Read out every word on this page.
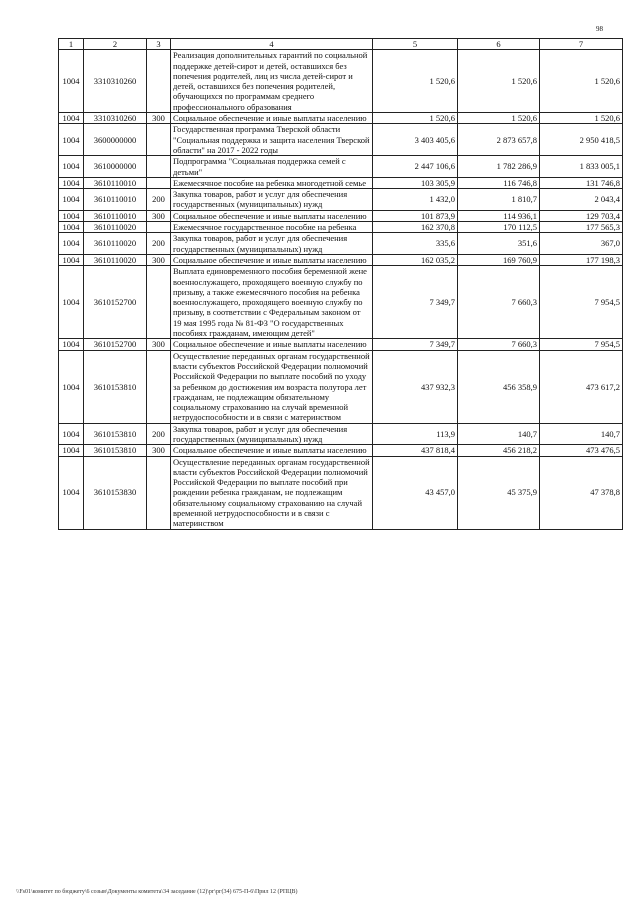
98
1	2	3	4	5	6	7
1004	3310310260		Реализация дополнительных гарантий по социальной поддержке детей-сирот и детей, оставшихся без попечения родителей, лиц из числа детей-сирот и детей, оставшихся без попечения родителей, обучающихся по программам среднего профессионального образования	1 520,6	1 520,6	1 520,6
1004	3310310260	300	Социальное обеспечение и иные выплаты населению	1 520,6	1 520,6	1 520,6
1004	3600000000		Государственная программа Тверской области "Социальная поддержка и защита населения Тверской области" на 2017 - 2022 годы	3 403 405,6	2 873 657,8	2 950 418,5
1004	3610000000		Подпрограмма "Социальная поддержка семей с детьми"	2 447 106,6	1 782 286,9	1 833 005,1
1004	3610110010		Ежемесячное пособие на ребенка многодетной семье	103 305,9	116 746,8	131 746,8
1004	3610110010	200	Закупка товаров, работ и услуг для обеспечения государственных (муниципальных) нужд	1 432,0	1 810,7	2 043,4
1004	3610110010	300	Социальное обеспечение и иные выплаты населению	101 873,9	114 936,1	129 703,4
1004	3610110020		Ежемесячное государственное пособие на ребенка	162 370,8	170 112,5	177 565,3
1004	3610110020	200	Закупка товаров, работ и услуг для обеспечения государственных (муниципальных) нужд	335,6	351,6	367,0
1004	3610110020	300	Социальное обеспечение и иные выплаты населению	162 035,2	169 760,9	177 198,3
1004	3610152700		Выплата единовременного пособия беременной жене военнослужащего, проходящего военную службу по призыву, а также ежемесячного пособия на ребенка военнослужащего, проходящего военную службу по призыву, в соответствии с Федеральным законом от 19 мая 1995 года № 81-ФЗ "О государственных пособиях гражданам, имеющим детей"	7 349,7	7 660,3	7 954,5
1004	3610152700	300	Социальное обеспечение и иные выплаты населению	7 349,7	7 660,3	7 954,5
1004	3610153810		Осуществление переданных органам государственной власти субъектов Российской Федерации полномочий Российской Федерации по выплате пособий по уходу за ребенком до достижения им возраста полутора лет гражданам, не подлежащим обязательному социальному страхованию на случай временной нетрудоспособности и в связи с материнством	437 932,3	456 358,9	473 617,2
1004	3610153810	200	Закупка товаров, работ и услуг для обеспечения государственных (муниципальных) нужд	113,9	140,7	140,7
1004	3610153810	300	Социальное обеспечение и иные выплаты населению	437 818,4	456 218,2	473 476,5
1004	3610153830		Осуществление переданных органам государственной власти субъектов Российской Федерации полномочий Российской Федерации по выплате пособий при рождении ребенка гражданам, не подлежащим обязательному социальному страхованию на случай временной нетрудоспособности и в связи с материнством	43 457,0	45 375,9	47 378,8
\\Fs01\комитет по бюджету\6 созыв\Документы комитета\34 заседание (12)\рг\рг(34) 675-П-6\Прил 12 (РПЦВ)
